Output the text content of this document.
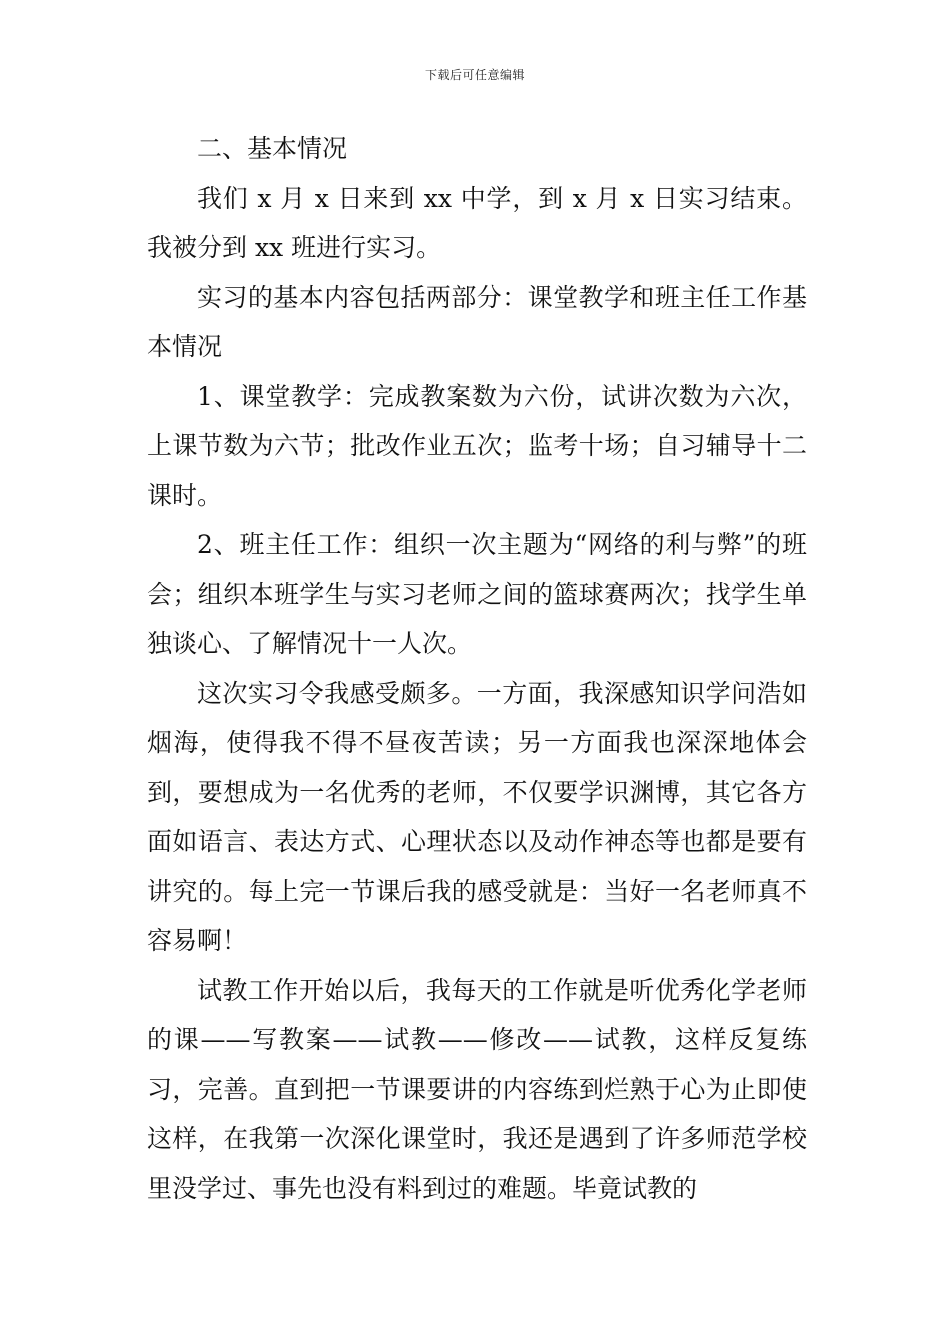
下载后可任意编辑

二、基本情况

我们 x 月 x 日来到 xx 中学，到 x 月 x 日实习结束。我被分到 xx 班进行实习。

实习的基本内容包括两部分：课堂教学和班主任工作基本情况

1、课堂教学：完成教案数为六份，试讲次数为六次，上课节数为六节；批改作业五次；监考十场；自习辅导十二课时。

2、班主任工作：组织一次主题为“网络的利与弊”的班会；组织本班学生与实习老师之间的篮球赛两次；找学生单独谈心、了解情况十一人次。

这次实习令我感受颇多。一方面，我深感知识学问浩如烟海，使得我不得不昼夜苦读；另一方面我也深深地体会到，要想成为一名优秀的老师，不仅要学识渊博，其它各方面如语言、表达方式、心理状态以及动作神态等也都是要有讲究的。每上完一节课后我的感受就是：当好一名老师真不容易啊！

试教工作开始以后，我每天的工作就是听优秀化学老师的课——写教案——试教——修改——试教，这样反复练习，完善。直到把一节课要讲的内容练到烂熟于心为止即使这样，在我第一次深化课堂时，我还是遇到了许多师范学校里没学过、事先也没有料到过的难题。毕竟试教的
